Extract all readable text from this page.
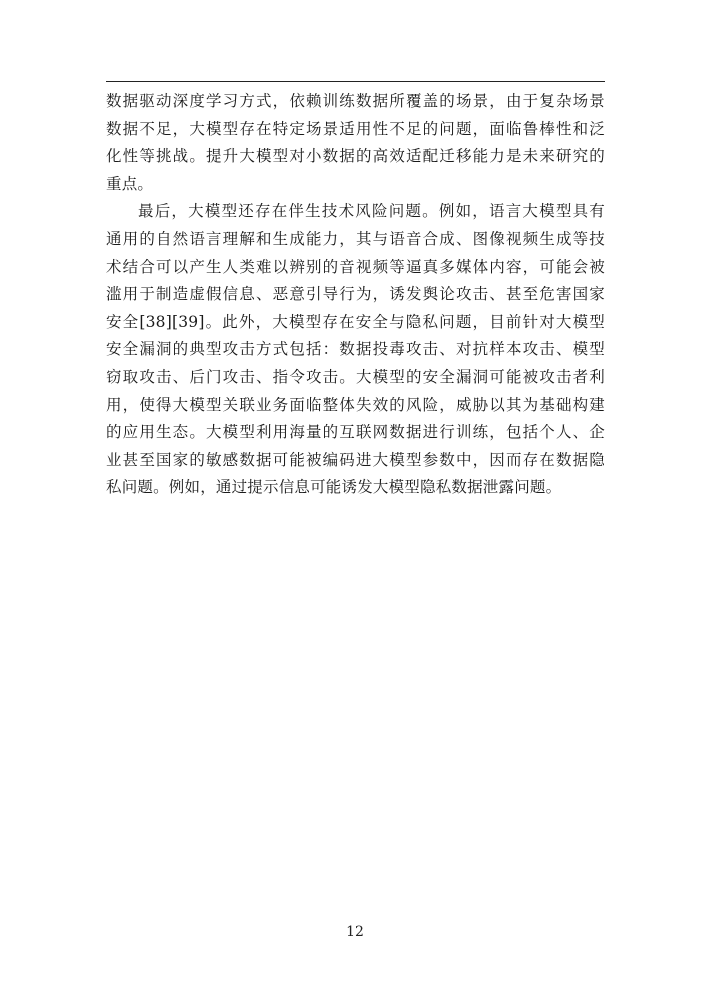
数据驱动深度学习方式，依赖训练数据所覆盖的场景，由于复杂场景
数据不足，大模型存在特定场景适用性不足的问题，面临鲁棒性和泛
化性等挑战。提升大模型对小数据的高效适配迁移能力是未来研究的
重点。
最后，大模型还存在伴生技术风险问题。例如，语言大模型具有
通用的自然语言理解和生成能力，其与语音合成、图像视频生成等技
术结合可以产生人类难以辨别的音视频等逼真多媒体内容，可能会被
滥用于制造虚假信息、恶意引导行为，诱发舆论攻击、甚至危害国家
安全[38][39]。此外，大模型存在安全与隐私问题，目前针对大模型
安全漏洞的典型攻击方式包括：数据投毒攻击、对抗样本攻击、模型
窃取攻击、后门攻击、指令攻击。大模型的安全漏洞可能被攻击者利
用，使得大模型关联业务面临整体失效的风险，威胁以其为基础构建
的应用生态。大模型利用海量的互联网数据进行训练，包括个人、企
业甚至国家的敏感数据可能被编码进大模型参数中，因而存在数据隐
私问题。例如，通过提示信息可能诱发大模型隐私数据泄露问题。
12
